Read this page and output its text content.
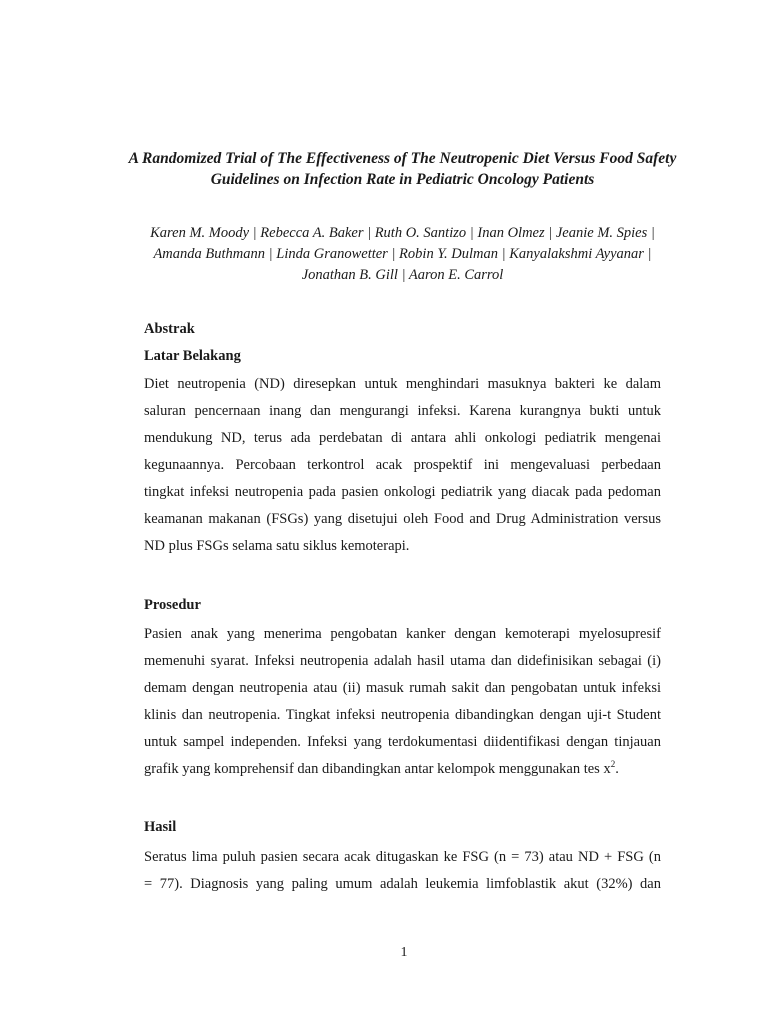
A Randomized Trial of The Effectiveness of The Neutropenic Diet Versus Food Safety Guidelines on Infection Rate in Pediatric Oncology Patients

Karen M. Moody | Rebecca A. Baker | Ruth O. Santizo | Inan Olmez | Jeanie M. Spies | Amanda Buthmann | Linda Granowetter | Robin Y. Dulman | Kanyalakshmi Ayyanar | Jonathan B. Gill | Aaron E. Carrol

Abstrak
Latar Belakang
Diet neutropenia (ND) diresepkan untuk menghindari masuknya bakteri ke dalam
saluran pencernaan inang dan mengurangi infeksi. Karena kurangnya bukti untuk
mendukung ND, terus ada perdebatan di antara ahli onkologi pediatrik mengenai
kegunaannya. Percobaan terkontrol acak prospektif ini mengevaluasi perbedaan
tingkat infeksi neutropenia pada pasien onkologi pediatrik yang diacak pada pedoman
keamanan makanan (FSGs) yang disetujui oleh Food and Drug Administration versus
ND plus FSGs selama satu siklus kemoterapi.
Prosedur
Pasien anak yang menerima pengobatan kanker dengan kemoterapi myelosupresif
memenuhi syarat. Infeksi neutropenia adalah hasil utama dan didefinisikan sebagai (i)
demam dengan neutropenia atau (ii) masuk rumah sakit dan pengobatan untuk infeksi
klinis dan neutropenia. Tingkat infeksi neutropenia dibandingkan dengan uji-t Student
untuk sampel independen. Infeksi yang terdokumentasi diidentifikasi dengan tinjauan
grafik yang komprehensif dan dibandingkan antar kelompok menggunakan tes $x^2$.
Hasil
Seratus lima puluh pasien secara acak ditugaskan ke FSG (n = 73) atau ND + FSG (n
= 77). Diagnosis yang paling umum adalah leukemia limfoblastik akut (32%) dan
1
